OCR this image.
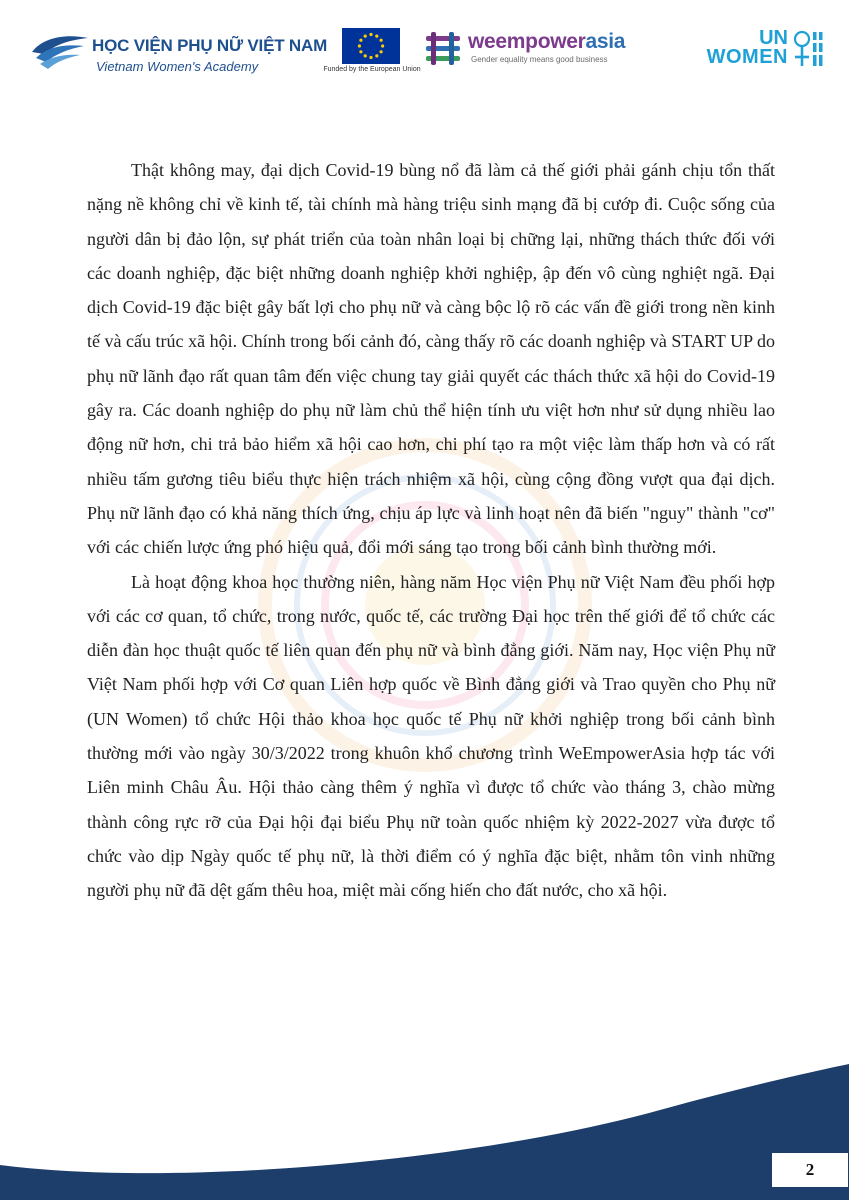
HỌC VIỆN PHỤ NỮ VIỆT NAM
Vietnam Women's Academy	Funded by the European Union
weempowerasia
Gender equality means good business
UN
WOMEN

Thật không may, đại dịch Covid-19 bùng nổ đã làm cả thế giới phải gánh chịu tổn thất nặng nề không chỉ về kinh tế, tài chính mà hàng triệu sinh mạng đã bị cướp đi. Cuộc sống của người dân bị đảo lộn, sự phát triển của toàn nhân loại bị chững lại, những thách thức đối với các doanh nghiệp, đặc biệt những doanh nghiệp khởi nghiệp, ập đến vô cùng nghiệt ngã. Đại dịch Covid-19 đặc biệt gây bất lợi cho phụ nữ và càng bộc lộ rõ các vấn đề giới trong nền kinh tế và cấu trúc xã hội. Chính trong bối cảnh đó, càng thấy rõ các doanh nghiệp và START UP do phụ nữ lãnh đạo rất quan tâm đến việc chung tay giải quyết các thách thức xã hội do Covid-19 gây ra. Các doanh nghiệp do phụ nữ làm chủ thể hiện tính ưu việt hơn như sử dụng nhiều lao động nữ hơn, chi trả bảo hiểm xã hội cao hơn, chi phí tạo ra một việc làm thấp hơn và có rất nhiều tấm gương tiêu biểu thực hiện trách nhiệm xã hội, cùng cộng đồng vượt qua đại dịch. Phụ nữ lãnh đạo có khả năng thích ứng, chịu áp lực và linh hoạt nên đã biến "nguy" thành "cơ" với các chiến lược ứng phó hiệu quả, đổi mới sáng tạo trong bối cảnh bình thường mới.

Là hoạt động khoa học thường niên, hàng năm Học viện Phụ nữ Việt Nam đều phối hợp với các cơ quan, tổ chức, trong nước, quốc tế, các trường Đại học trên thế giới để tổ chức các diễn đàn học thuật quốc tế liên quan đến phụ nữ và bình đẳng giới. Năm nay, Học viện Phụ nữ Việt Nam phối hợp với Cơ quan Liên hợp quốc về Bình đẳng giới và Trao quyền cho Phụ nữ (UN Women) tổ chức Hội thảo khoa học quốc tế Phụ nữ khởi nghiệp trong bối cảnh bình thường mới vào ngày 30/3/2022 trong khuôn khổ chương trình WeEmpowerAsia hợp tác với Liên minh Châu Âu. Hội thảo càng thêm ý nghĩa vì được tổ chức vào tháng 3, chào mừng thành công rực rỡ của Đại hội đại biểu Phụ nữ toàn quốc nhiệm kỳ 2022-2027 vừa được tổ chức vào dịp Ngày quốc tế phụ nữ, là thời điểm có ý nghĩa đặc biệt, nhằm tôn vinh những người phụ nữ đã dệt gấm thêu hoa, miệt mài cống hiến cho đất nước, cho xã hội.

2
